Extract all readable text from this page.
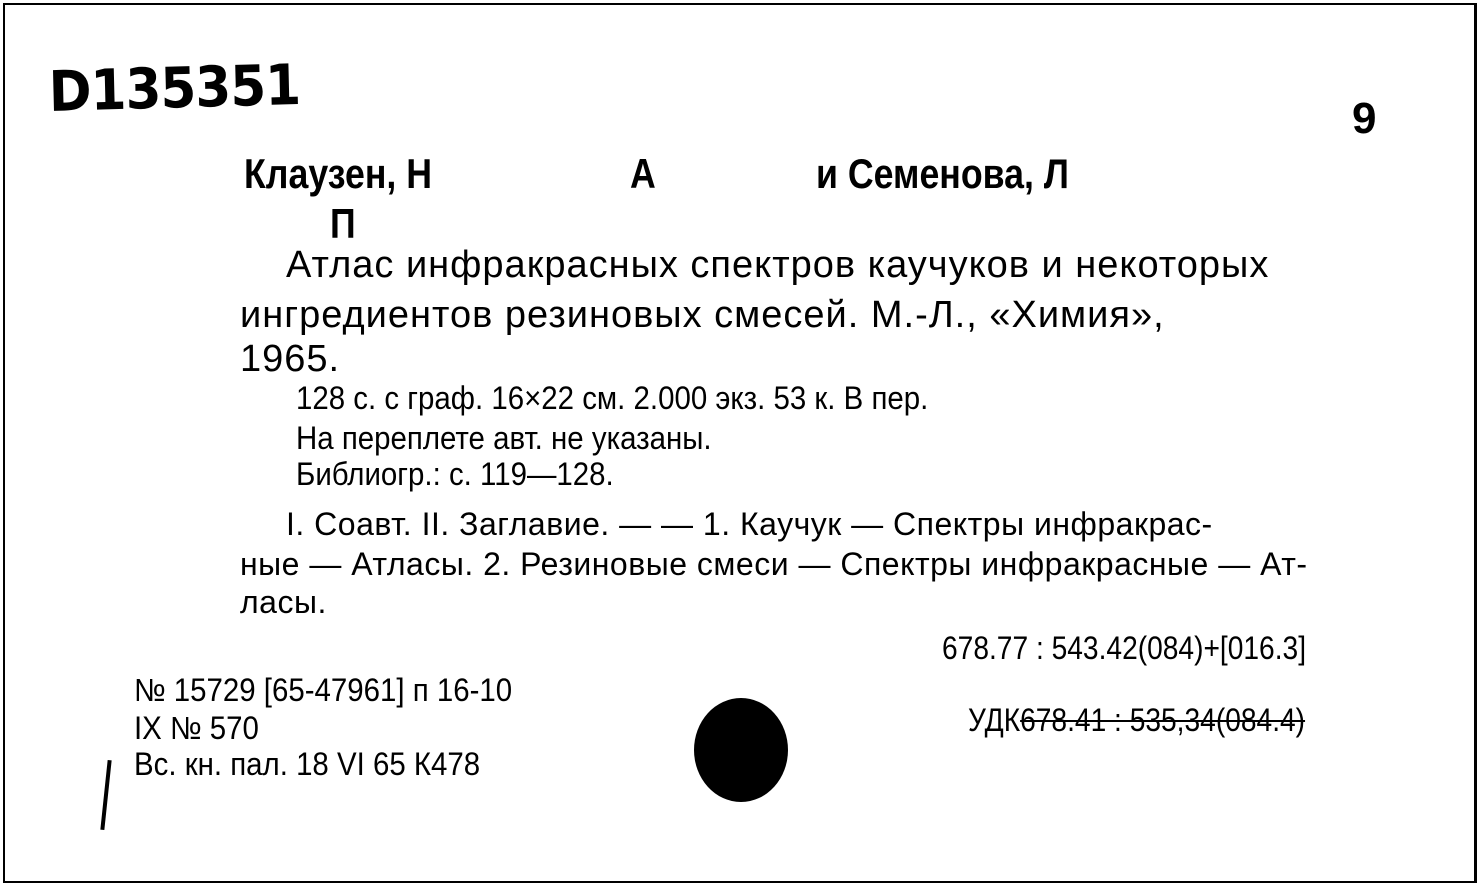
D135351	9
Клаузен, Н	А	и Семенова, Л
П
Атлас инфракрасных спектров каучуков и некоторых
ингредиентов резиновых смесей. М.-Л., «Химия»,
1965.
128 с. с граф. 16×22 см. 2.000 экз. 53 к. В пер.
На переплете авт. не указаны.
Библиогр.: с. 119—128.
I. Соавт. II. Заглавие. — — 1. Каучук — Спектры инфракрас-
ные — Атласы. 2. Резиновые смеси — Спектры инфракрасные — Ат-
ласы.
678.77 : 543.42(084)+[016.3]
УДК678.41 : 535,34(084.4)
№ 15729 [65-47961] п 16-10
IX № 570
Вс. кн. пал. 18 VI 65 К478
